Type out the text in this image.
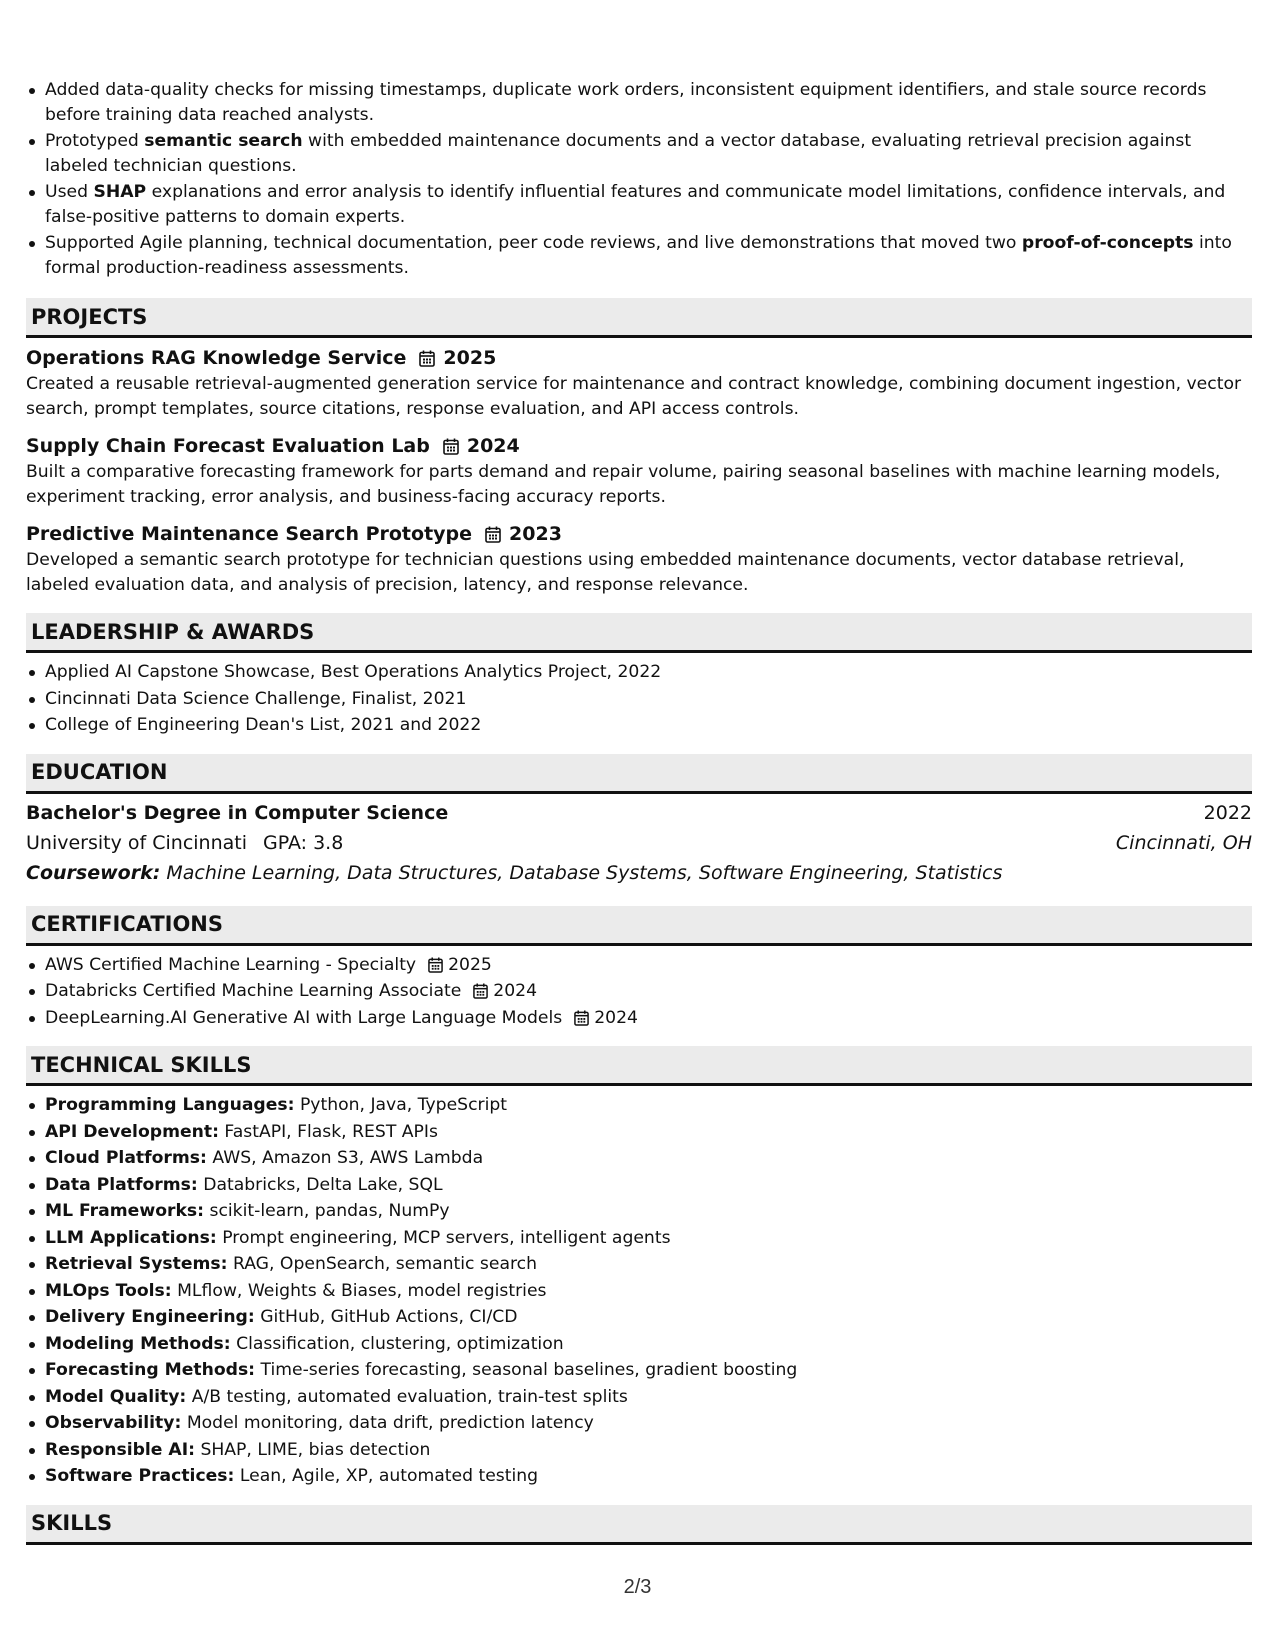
Added data-quality checks for missing timestamps, duplicate work orders, inconsistent equipment identifiers, and stale source records before training data reached analysts.
Prototyped semantic search with embedded maintenance documents and a vector database, evaluating retrieval precision against labeled technician questions.
Used SHAP explanations and error analysis to identify influential features and communicate model limitations, confidence intervals, and false-positive patterns to domain experts.
Supported Agile planning, technical documentation, peer code reviews, and live demonstrations that moved two proof-of-concepts into formal production-readiness assessments.
PROJECTS
Operations RAG Knowledge Service 2025
Created a reusable retrieval-augmented generation service for maintenance and contract knowledge, combining document ingestion, vector search, prompt templates, source citations, response evaluation, and API access controls.
Supply Chain Forecast Evaluation Lab 2024
Built a comparative forecasting framework for parts demand and repair volume, pairing seasonal baselines with machine learning models, experiment tracking, error analysis, and business-facing accuracy reports.
Predictive Maintenance Search Prototype 2023
Developed a semantic search prototype for technician questions using embedded maintenance documents, vector database retrieval, labeled evaluation data, and analysis of precision, latency, and response relevance.
LEADERSHIP & AWARDS
Applied AI Capstone Showcase, Best Operations Analytics Project, 2022
Cincinnati Data Science Challenge, Finalist, 2021
College of Engineering Dean's List, 2021 and 2022
EDUCATION
Bachelor's Degree in Computer Science	2022
University of Cincinnati GPA: 3.8	Cincinnati, OH
Coursework: Machine Learning, Data Structures, Database Systems, Software Engineering, Statistics
CERTIFICATIONS
AWS Certified Machine Learning - Specialty 2025
Databricks Certified Machine Learning Associate 2024
DeepLearning.AI Generative AI with Large Language Models 2024
TECHNICAL SKILLS
Programming Languages: Python, Java, TypeScript
API Development: FastAPI, Flask, REST APIs
Cloud Platforms: AWS, Amazon S3, AWS Lambda
Data Platforms: Databricks, Delta Lake, SQL
ML Frameworks: scikit-learn, pandas, NumPy
LLM Applications: Prompt engineering, MCP servers, intelligent agents
Retrieval Systems: RAG, OpenSearch, semantic search
MLOps Tools: MLflow, Weights & Biases, model registries
Delivery Engineering: GitHub, GitHub Actions, CI/CD
Modeling Methods: Classification, clustering, optimization
Forecasting Methods: Time-series forecasting, seasonal baselines, gradient boosting
Model Quality: A/B testing, automated evaluation, train-test splits
Observability: Model monitoring, data drift, prediction latency
Responsible AI: SHAP, LIME, bias detection
Software Practices: Lean, Agile, XP, automated testing
SKILLS
2/3
